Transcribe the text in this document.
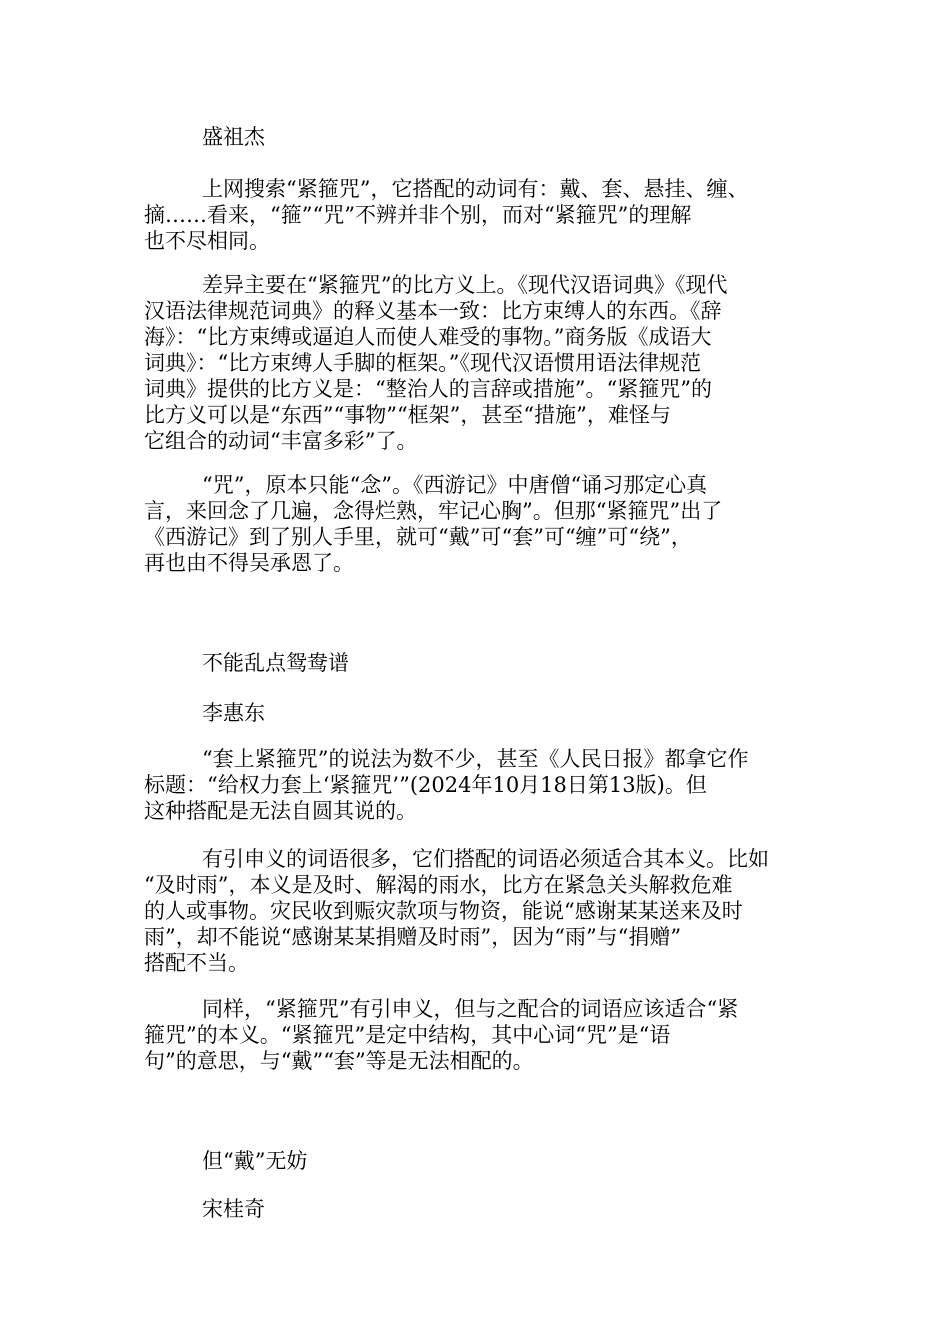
盛祖杰

上网搜索“紧箍咒”，它搭配的动词有：戴、套、悬挂、缠、
摘……看来，“箍”“咒”不辨并非个别，而对“紧箍咒”的理解
也不尽相同。

差异主要在“紧箍咒”的比方义上。《现代汉语词典》《现代
汉语法律规范词典》的释义基本一致：比方束缚人的东西。《辞
海》：“比方束缚或逼迫人而使人难受的事物。”商务版《成语大
词典》：“比方束缚人手脚的框架。”《现代汉语惯用语法律规范
词典》提供的比方义是：“整治人的言辞或措施”。“紧箍咒”的
比方义可以是“东西”“事物”“框架”，甚至“措施”，难怪与
它组合的动词“丰富多彩”了。

“咒”，原本只能“念”。《西游记》中唐僧“诵习那定心真
言，来回念了几遍，念得烂熟，牢记心胸”。但那“紧箍咒”出了
《西游记》到了别人手里，就可“戴”可“套”可“缠”可“绕”，
再也由不得吴承恩了。

不能乱点鸳鸯谱

李惠东

“套上紧箍咒”的说法为数不少，甚至《人民日报》都拿它作
标题：“给权力套上‘紧箍咒’”(2024年10月18日第13版)。但
这种搭配是无法自圆其说的。

有引申义的词语很多，它们搭配的词语必须适合其本义。比如
“及时雨”，本义是及时、解渴的雨水，比方在紧急关头解救危难
的人或事物。灾民收到赈灾款项与物资，能说“感谢某某送来及时
雨”，却不能说“感谢某某捐赠及时雨”，因为“雨”与“捐赠”
搭配不当。

同样，“紧箍咒”有引申义，但与之配合的词语应该适合“紧
箍咒”的本义。“紧箍咒”是定中结构，其中心词“咒”是“语
句”的意思，与“戴”“套”等是无法相配的。

但“戴”无妨

宋桂奇
